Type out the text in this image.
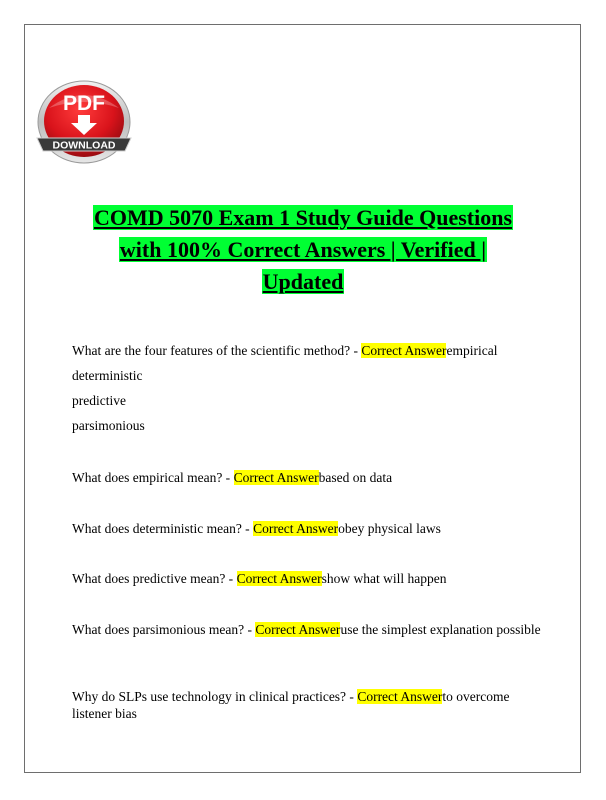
PDF
DOWNLOAD
COMD 5070 Exam 1 Study Guide Questions
with 100% Correct Answers | Verified |
Updated
What are the four features of the scientific method? - Correct Answerempirical
deterministic
predictive
parsimonious
What does empirical mean? - Correct Answerbased on data
What does deterministic mean? - Correct Answerobey physical laws
What does predictive mean? - Correct Answershow what will happen
What does parsimonious mean? - Correct Answeruse the simplest explanation possible
Why do SLPs use technology in clinical practices? - Correct Answerto overcome listener bias
